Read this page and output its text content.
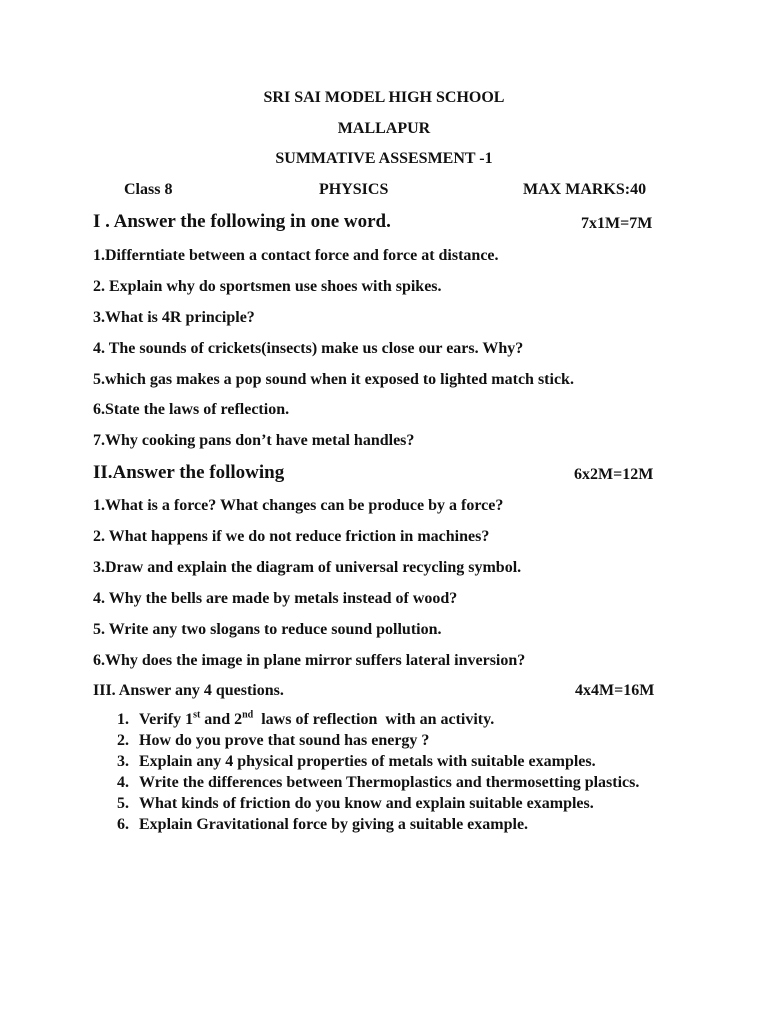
SRI SAI MODEL HIGH SCHOOL
MALLAPUR
SUMMATIVE ASSESMENT -1
Class 8	PHYSICS	MAX MARKS:40
I . Answer the following in one word.	7x1M=7M
1.Differntiate between a contact force and force at distance.
2. Explain why do sportsmen use shoes with spikes.
3.What is 4R principle?
4. The sounds of crickets(insects) make us close our ears. Why?
5.which gas makes a pop sound when it exposed to lighted match stick.
6.State the laws of reflection.
7.Why cooking pans don’t have metal handles?
II.Answer the following	6x2M=12M
1.What is a force? What changes can be produce by a force?
2. What happens if we do not reduce friction in machines?
3.Draw and explain the diagram of universal recycling symbol.
4. Why the bells are made by metals instead of wood?
5. Write any two slogans to reduce sound pollution.
6.Why does the image in plane mirror suffers lateral inversion?
III. Answer any 4 questions.	4x4M=16M
1. Verify 1st and 2nd  laws of reflection  with an activity.
2. How do you prove that sound has energy ?
3. Explain any 4 physical properties of metals with suitable examples.
4. Write the differences between Thermoplastics and thermosetting plastics.
5. What kinds of friction do you know and explain suitable examples.
6. Explain Gravitational force by giving a suitable example.
